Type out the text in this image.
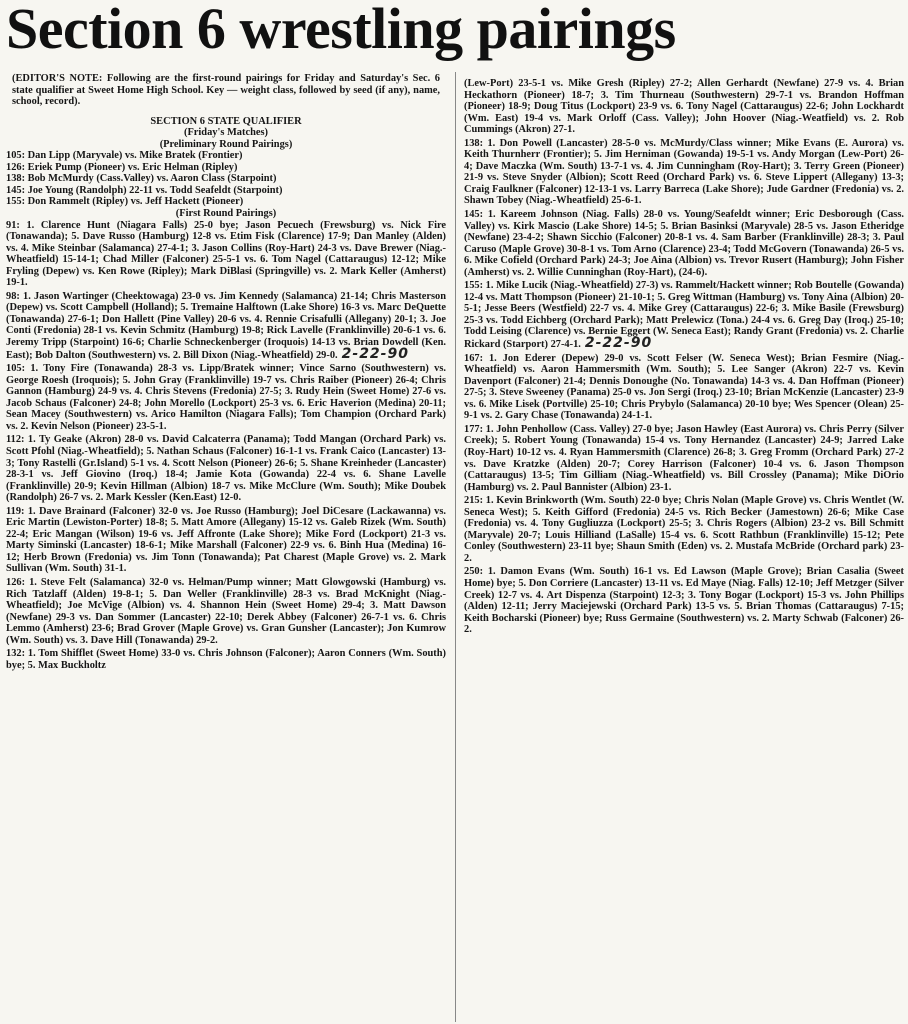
Section 6 wrestling pairings

(EDITOR'S NOTE: Following are the first-round pairings for Friday and Saturday's Sec. 6 state qualifier at Sweet Home High School. Key — weight class, followed by seed (if any), name, school, record).

SECTION 6 STATE QUALIFIER

(Friday's Matches)

(Preliminary Round Pairings)

105: Dan Lipp (Maryvale) vs. Mike Bratek (Frontier)

126: Eriek Pump (Pioneer) vs. Eric Helman (Ripley)

138: Bob McMurdy (Cass.Valley) vs. Aaron Class (Starpoint)

145: Joe Young (Randolph) 22-11 vs. Todd Seafeldt (Starpoint)

155: Don Rammelt (Ripley) vs. Jeff Hackett (Pioneer)

(First Round Pairings)

91: 1. Clarence Hunt (Niagara Falls) 25-0 bye; Jason Pecuech (Frewsburg) vs. Nick Fire (Tonawanda); 5. Dave Russo (Hamburg) 12-8 vs. Etim Fisk (Clarence) 17-9; Dan Manley (Alden) vs. 4. Mike Steinbar (Salamanca) 27-4-1; 3. Jason Collins (Roy-Hart) 24-3 vs. Dave Brewer (Niag.-Wheatfield) 15-14-1; Chad Miller (Falconer) 25-5-1 vs. 6. Tom Nagel (Cattaraugus) 12-12; Mike Fryling (Depew) vs. Ken Rowe (Ripley); Mark DiBlasi (Springville) vs. 2. Mark Keller (Amherst) 19-1.

98: 1. Jason Wartinger (Cheektowaga) 23-0 vs. Jim Kennedy (Salamanca) 21-14; Chris Masterson (Depew) vs. Scott Campbell (Holland); 5. Tremaine Halftown (Lake Shore) 16-3 vs. Marc DeQuette (Tonawanda) 27-6-1; Don Hallett (Pine Valley) 20-6 vs. 4. Rennie Crisafulli (Allegany) 20-1; 3. Joe Conti (Fredonia) 28-1 vs. Kevin Schmitz (Hamburg) 19-8; Rick Lavelle (Franklinville) 20-6-1 vs. 6. Jeremy Tripp (Starpoint) 16-6; Charlie Schneckenberger (Iroquois) 14-13 vs. Brian Dowdell (Ken. East); Bob Dalton (Southwestern) vs. 2. Bill Dixon (Niag.-Wheatfield) 29-0. 2-22-90

105: 1. Tony Fire (Tonawanda) 28-3 vs. Lipp/Bratek winner; Vince Sarno (Southwestern) vs. George Roesh (Iroquois); 5. John Gray (Franklinville) 19-7 vs. Chris Raiber (Pioneer) 26-4; Chris Gannon (Hamburg) 24-9 vs. 4. Chris Stevens (Fredonia) 27-5; 3. Rudy Hein (Sweet Home) 27-6 vs. Jacob Schaus (Falconer) 24-8; John Morello (Lockport) 25-3 vs. 6. Eric Haverion (Medina) 20-11; Sean Macey (Southwestern) vs. Arico Hamilton (Niagara Falls); Tom Champion (Orchard Park) vs. 2. Kevin Nelson (Pioneer) 23-5-1.

112: 1. Ty Geake (Akron) 28-0 vs. David Calcaterra (Panama); Todd Mangan (Orchard Park) vs. Scott Pfohl (Niag.-Wheatfield); 5. Nathan Schaus (Falconer) 16-1-1 vs. Frank Caico (Lancaster) 13-3; Tony Rastelli (Gr.Island) 5-1 vs. 4. Scott Nelson (Pioneer) 26-6; 5. Shane Kreinheder (Lancaster) 28-3-1 vs. Jeff Giovino (Iroq.) 18-4; Jamie Kota (Gowanda) 22-4 vs. 6. Shane Lavelle (Franklinville) 20-9; Kevin Hillman (Albion) 18-7 vs. Mike McClure (Wm. South); Mike Doubek (Randolph) 26-7 vs. 2. Mark Kessler (Ken.East) 12-0.

119: 1. Dave Brainard (Falconer) 32-0 vs. Joe Russo (Hamburg); Joel DiCesare (Lackawanna) vs. Eric Martin (Lewiston-Porter) 18-8; 5. Matt Amore (Allegany) 15-12 vs. Galeb Rizek (Wm. South) 22-4; Eric Mangan (Wilson) 19-6 vs. Jeff Affronte (Lake Shore); Mike Ford (Lockport) 21-3 vs. Marty Siminski (Lancaster) 18-6-1; Mike Marshall (Falconer) 22-9 vs. 6. Binh Hua (Medina) 16-12; Herb Brown (Fredonia) vs. Jim Tonn (Tonawanda); Pat Charest (Maple Grove) vs. 2. Mark Sullivan (Wm. South) 31-1.

126: 1. Steve Felt (Salamanca) 32-0 vs. Helman/Pump winner; Matt Glowgowski (Hamburg) vs. Rich Tatzlaff (Alden) 19-8-1; 5. Dan Weller (Franklinville) 28-3 vs. Brad McKnight (Niag.-Wheatfield); Joe McVige (Albion) vs. 4. Shannon Hein (Sweet Home) 29-4; 3. Matt Dawson (Newfane) 29-3 vs. Dan Sommer (Lancaster) 22-10; Derek Abbey (Falconer) 26-7-1 vs. 6. Chris Lemmo (Amherst) 23-6; Brad Grover (Maple Grove) vs. Gran Gunsher (Lancaster); Jon Kumrow (Wm. South) vs. 3. Dave Hill (Tonawanda) 29-2.

132: 1. Tom Shifflet (Sweet Home) 33-0 vs. Chris Johnson (Falconer); Aaron Conners (Wm. South) bye; 5. Max Buckholtz

(Lew-Port) 23-5-1 vs. Mike Gresh (Ripley) 27-2; Allen Gerhardt (Newfane) 27-9 vs. 4. Brian Heckathorn (Pioneer) 18-7; 3. Tim Thurneau (Southwestern) 29-7-1 vs. Brandon Hoffman (Pioneer) 18-9; Doug Titus (Lockport) 23-9 vs. 6. Tony Nagel (Cattaraugus) 22-6; John Lockhardt (Wm. East) 19-4 vs. Mark Orloff (Cass. Valley); John Hoover (Niag.-Weatfield) vs. 2. Rob Cummings (Akron) 27-1.

138: 1. Don Powell (Lancaster) 28-5-0 vs. McMurdy/Class winner; Mike Evans (E. Aurora) vs. Keith Thurnherr (Frontier); 5. Jim Herniman (Gowanda) 19-5-1 vs. Andy Morgan (Lew-Port) 26-4; Dave Maczka (Wm. South) 13-7-1 vs. 4. Jim Cunningham (Roy-Hart); 3. Terry Green (Pioneer) 21-9 vs. Steve Snyder (Albion); Scott Reed (Orchard Park) vs. 6. Steve Lippert (Allegany) 13-3; Craig Faulkner (Falconer) 12-13-1 vs. Larry Barreca (Lake Shore); Jude Gardner (Fredonia) vs. 2. Shawn Tobey (Niag.-Wheatfield) 25-6-1.

145: 1. Kareem Johnson (Niag. Falls) 28-0 vs. Young/Seafeldt winner; Eric Desborough (Cass. Valley) vs. Kirk Mascio (Lake Shore) 14-5; 5. Brian Basinksi (Maryvale) 28-5 vs. Jason Etheridge (Newfane) 23-4-2; Shawn Sicchio (Falconer) 20-8-1 vs. 4. Sam Barber (Franklinville) 28-3; 3. Paul Caruso (Maple Grove) 30-8-1 vs. Tom Arno (Clarence) 23-4; Todd McGovern (Tonawanda) 26-5 vs. 6. Mike Cofield (Orchard Park) 24-3; Joe Aina (Albion) vs. Trevor Rusert (Hamburg); John Fisher (Amherst) vs. 2. Willie Cunninghan (Roy-Hart), (24-6).

155: 1. Mike Lucik (Niag.-Wheatfield) 27-3) vs. Rammelt/Hackett winner; Rob Boutelle (Gowanda) 12-4 vs. Matt Thompson (Pioneer) 21-10-1; 5. Greg Wittman (Hamburg) vs. Tony Aina (Albion) 20-5-1; Jesse Beers (Westfield) 22-7 vs. 4. Mike Grey (Cattaraugus) 22-6; 3. Mike Basile (Frewsburg) 25-3 vs. Todd Eichberg (Orchard Park); Matt Prelewicz (Tona.) 24-4 vs. 6. Greg Day (Iroq.) 25-10; Todd Leising (Clarence) vs. Bernie Eggert (W. Seneca East); Randy Grant (Fredonia) vs. 2. Charlie Rickard (Starport) 27-4-1. 2-22-90

167: 1. Jon Ederer (Depew) 29-0 vs. Scott Felser (W. Seneca West); Brian Fesmire (Niag.-Wheatfield) vs. Aaron Hammersmith (Wm. South); 5. Lee Sanger (Akron) 22-7 vs. Kevin Davenport (Falconer) 21-4; Dennis Donoughe (No. Tonawanda) 14-3 vs. 4. Dan Hoffman (Pioneer) 27-5; 3. Steve Sweeney (Panama) 25-0 vs. Jon Sergi (Iroq.) 23-10; Brian McKenzie (Lancaster) 23-9 vs. 6. Mike Lisek (Portville) 25-10; Chris Prybylo (Salamanca) 20-10 bye; Wes Spencer (Olean) 25-9-1 vs. 2. Gary Chase (Tonawanda) 24-1-1.

177: 1. John Penhollow (Cass. Valley) 27-0 bye; Jason Hawley (East Aurora) vs. Chris Perry (Silver Creek); 5. Robert Young (Tonawanda) 15-4 vs. Tony Hernandez (Lancaster) 24-9; Jarred Lake (Roy-Hart) 10-12 vs. 4. Ryan Hammersmith (Clarence) 26-8; 3. Greg Fromm (Orchard Park) 27-2 vs. Dave Kratzke (Alden) 20-7; Corey Harrison (Falconer) 10-4 vs. 6. Jason Thompson (Cattaraugus) 13-5; Tim Gilliam (Niag.-Wheatfield) vs. Bill Crossley (Panama); Mike DiOrio (Hamburg) vs. 2. Paul Bannister (Albion) 23-1.

215: 1. Kevin Brinkworth (Wm. South) 22-0 bye; Chris Nolan (Maple Grove) vs. Chris Wentlet (W. Seneca West); 5. Keith Gifford (Fredonia) 24-5 vs. Rich Becker (Jamestown) 26-6; Mike Case (Fredonia) vs. 4. Tony Gugliuzza (Lockport) 25-5; 3. Chris Rogers (Albion) 23-2 vs. Bill Schmitt (Maryvale) 20-7; Louis Hilliand (LaSalle) 15-4 vs. 6. Scott Rathbun (Franklinville) 15-12; Pete Conley (Southwestern) 23-11 bye; Shaun Smith (Eden) vs. 2. Mustafa McBride (Orchard park) 23-2.

250: 1. Damon Evans (Wm. South) 16-1 vs. Ed Lawson (Maple Grove); Brian Casalia (Sweet Home) bye; 5. Don Corriere (Lancaster) 13-11 vs. Ed Maye (Niag. Falls) 12-10; Jeff Metzger (Silver Creek) 12-7 vs. 4. Art Dispenza (Starpoint) 12-3; 3. Tony Bogar (Lockport) 15-3 vs. John Phillips (Alden) 12-11; Jerry Maciejewski (Orchard Park) 13-5 vs. 5. Brian Thomas (Cattaraugus) 7-15; Keith Bocharski (Pioneer) bye; Russ Germaine (Southwestern) vs. 2. Marty Schwab (Falconer) 26-2.
